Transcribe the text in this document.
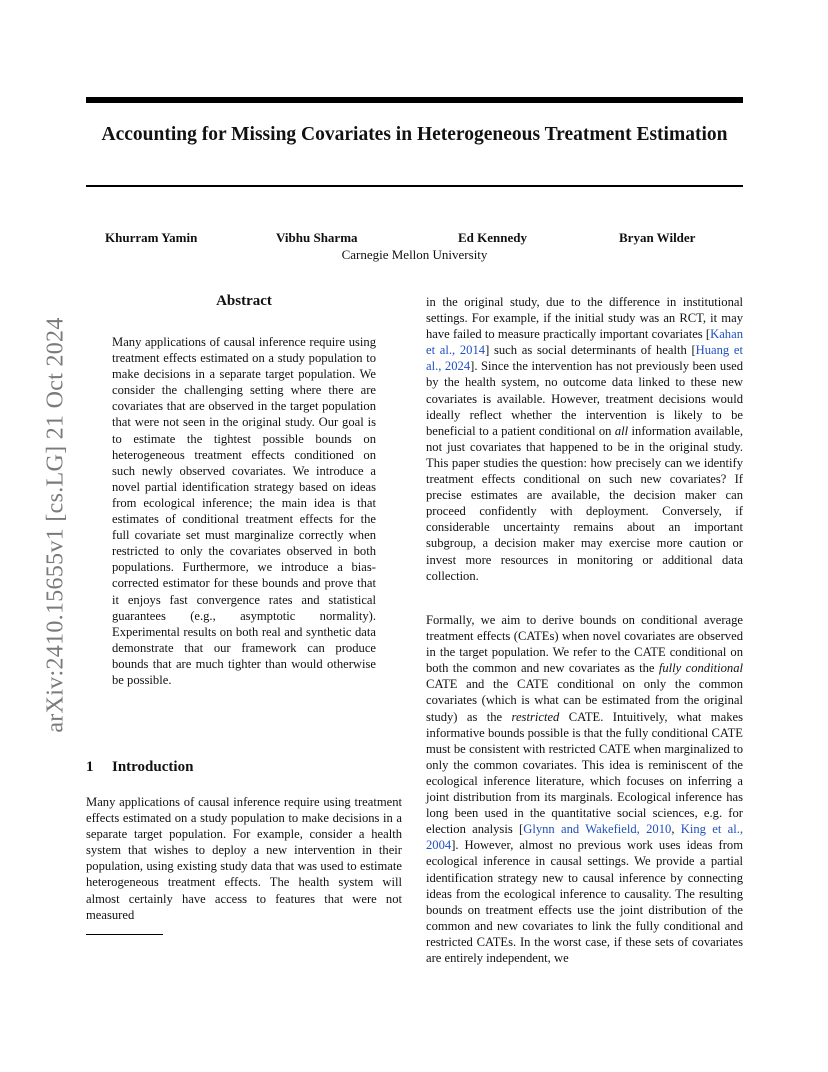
arXiv:2410.15655v1 [cs.LG] 21 Oct 2024
Accounting for Missing Covariates in Heterogeneous Treatment Estimation
Khurram Yamin	Vibhu Sharma	Ed Kennedy	Bryan Wilder
Carnegie Mellon University
Abstract

Many applications of causal inference require using treatment effects estimated on a study population to make decisions in a separate target population. We consider the challenging setting where there are covariates that are observed in the target population that were not seen in the original study. Our goal is to estimate the tightest possible bounds on heterogeneous treatment effects conditioned on such newly observed covariates. We introduce a novel partial identification strategy based on ideas from ecological inference; the main idea is that estimates of conditional treatment effects for the full covariate set must marginalize correctly when restricted to only the covariates observed in both populations. Furthermore, we introduce a bias-corrected estimator for these bounds and prove that it enjoys fast convergence rates and statistical guarantees (e.g., asymptotic normality). Experimental results on both real and synthetic data demonstrate that our framework can produce bounds that are much tighter than would otherwise be possible.

1 Introduction

Many applications of causal inference require using treatment effects estimated on a study population to make decisions in a separate target population. For example, consider a health system that wishes to deploy a new intervention in their population, using existing study data that was used to estimate heterogeneous treatment effects. The health system will almost certainly have access to features that were not measured

in the original study, due to the difference in institutional settings. For example, if the initial study was an RCT, it may have failed to measure practically important covariates [Kahan et al., 2014] such as social determinants of health [Huang et al., 2024]. Since the intervention has not previously been used by the health system, no outcome data linked to these new covariates is available. However, treatment decisions would ideally reflect whether the intervention is likely to be beneficial to a patient conditional on all information available, not just covariates that happened to be in the original study. This paper studies the question: how precisely can we identify treatment effects conditional on such new covariates? If precise estimates are available, the decision maker can proceed confidently with deployment. Conversely, if considerable uncertainty remains about an important subgroup, a decision maker may exercise more caution or invest more resources in monitoring or additional data collection.

Formally, we aim to derive bounds on conditional average treatment effects (CATEs) when novel covariates are observed in the target population. We refer to the CATE conditional on both the common and new covariates as the fully conditional CATE and the CATE conditional on only the common covariates (which is what can be estimated from the original study) as the restricted CATE. Intuitively, what makes informative bounds possible is that the fully conditional CATE must be consistent with restricted CATE when marginalized to only the common covariates. This idea is reminiscent of the ecological inference literature, which focuses on inferring a joint distribution from its marginals. Ecological inference has long been used in the quantitative social sciences, e.g. for election analysis [Glynn and Wakefield, 2010, King et al., 2004]. However, almost no previous work uses ideas from ecological inference in causal settings. We provide a partial identification strategy new to causal inference by connecting ideas from the ecological inference to causality. The resulting bounds on treatment effects use the joint distribution of the common and new covariates to link the fully conditional and restricted CATEs. In the worst case, if these sets of covariates are entirely independent, we
